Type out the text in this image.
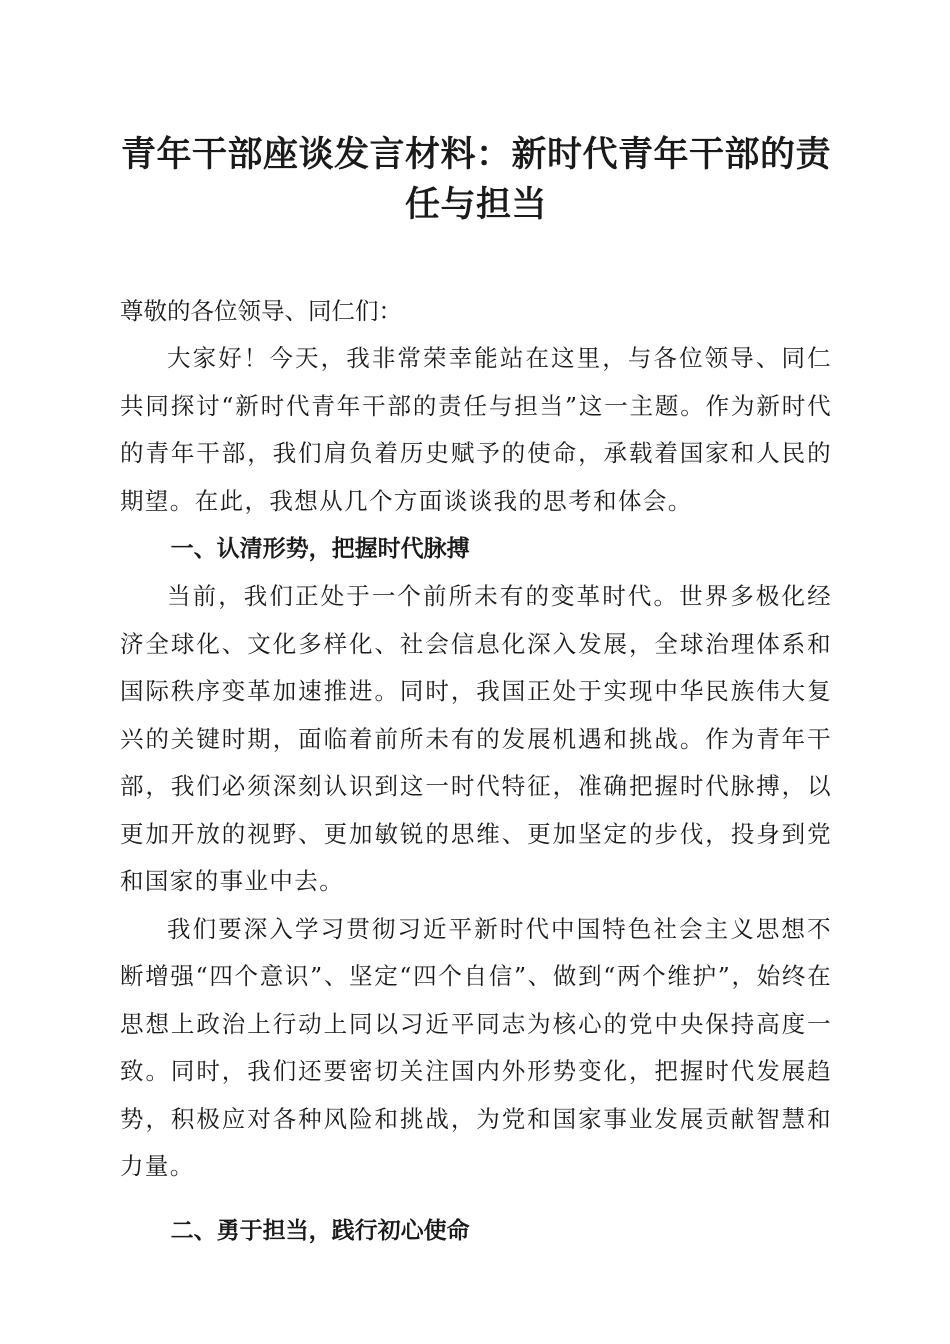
青年干部座谈发言材料：新时代青年干部的责任与担当
尊敬的各位领导、同仁们：

大家好！今天，我非常荣幸能站在这里，与各位领导、同仁共同探讨“新时代青年干部的责任与担当”这一主题。作为新时代的青年干部，我们肩负着历史赋予的使命，承载着国家和人民的期望。在此，我想从几个方面谈谈我的思考和体会。

一、认清形势，把握时代脉搏

当前，我们正处于一个前所未有的变革时代。世界多极化经济全球化、文化多样化、社会信息化深入发展，全球治理体系和国际秩序变革加速推进。同时，我国正处于实现中华民族伟大复兴的关键时期，面临着前所未有的发展机遇和挑战。作为青年干部，我们必须深刻认识到这一时代特征，准确把握时代脉搏，以更加开放的视野、更加敏锐的思维、更加坚定的步伐，投身到党和国家的事业中去。

我们要深入学习贯彻习近平新时代中国特色社会主义思想不断增强“四个意识”、坚定“四个自信”、做到“两个维护”，始终在思想上政治上行动上同以习近平同志为核心的党中央保持高度一致。同时，我们还要密切关注国内外形势变化，把握时代发展趋势，积极应对各种风险和挑战，为党和国家事业发展贡献智慧和力量。

二、勇于担当，践行初心使命
